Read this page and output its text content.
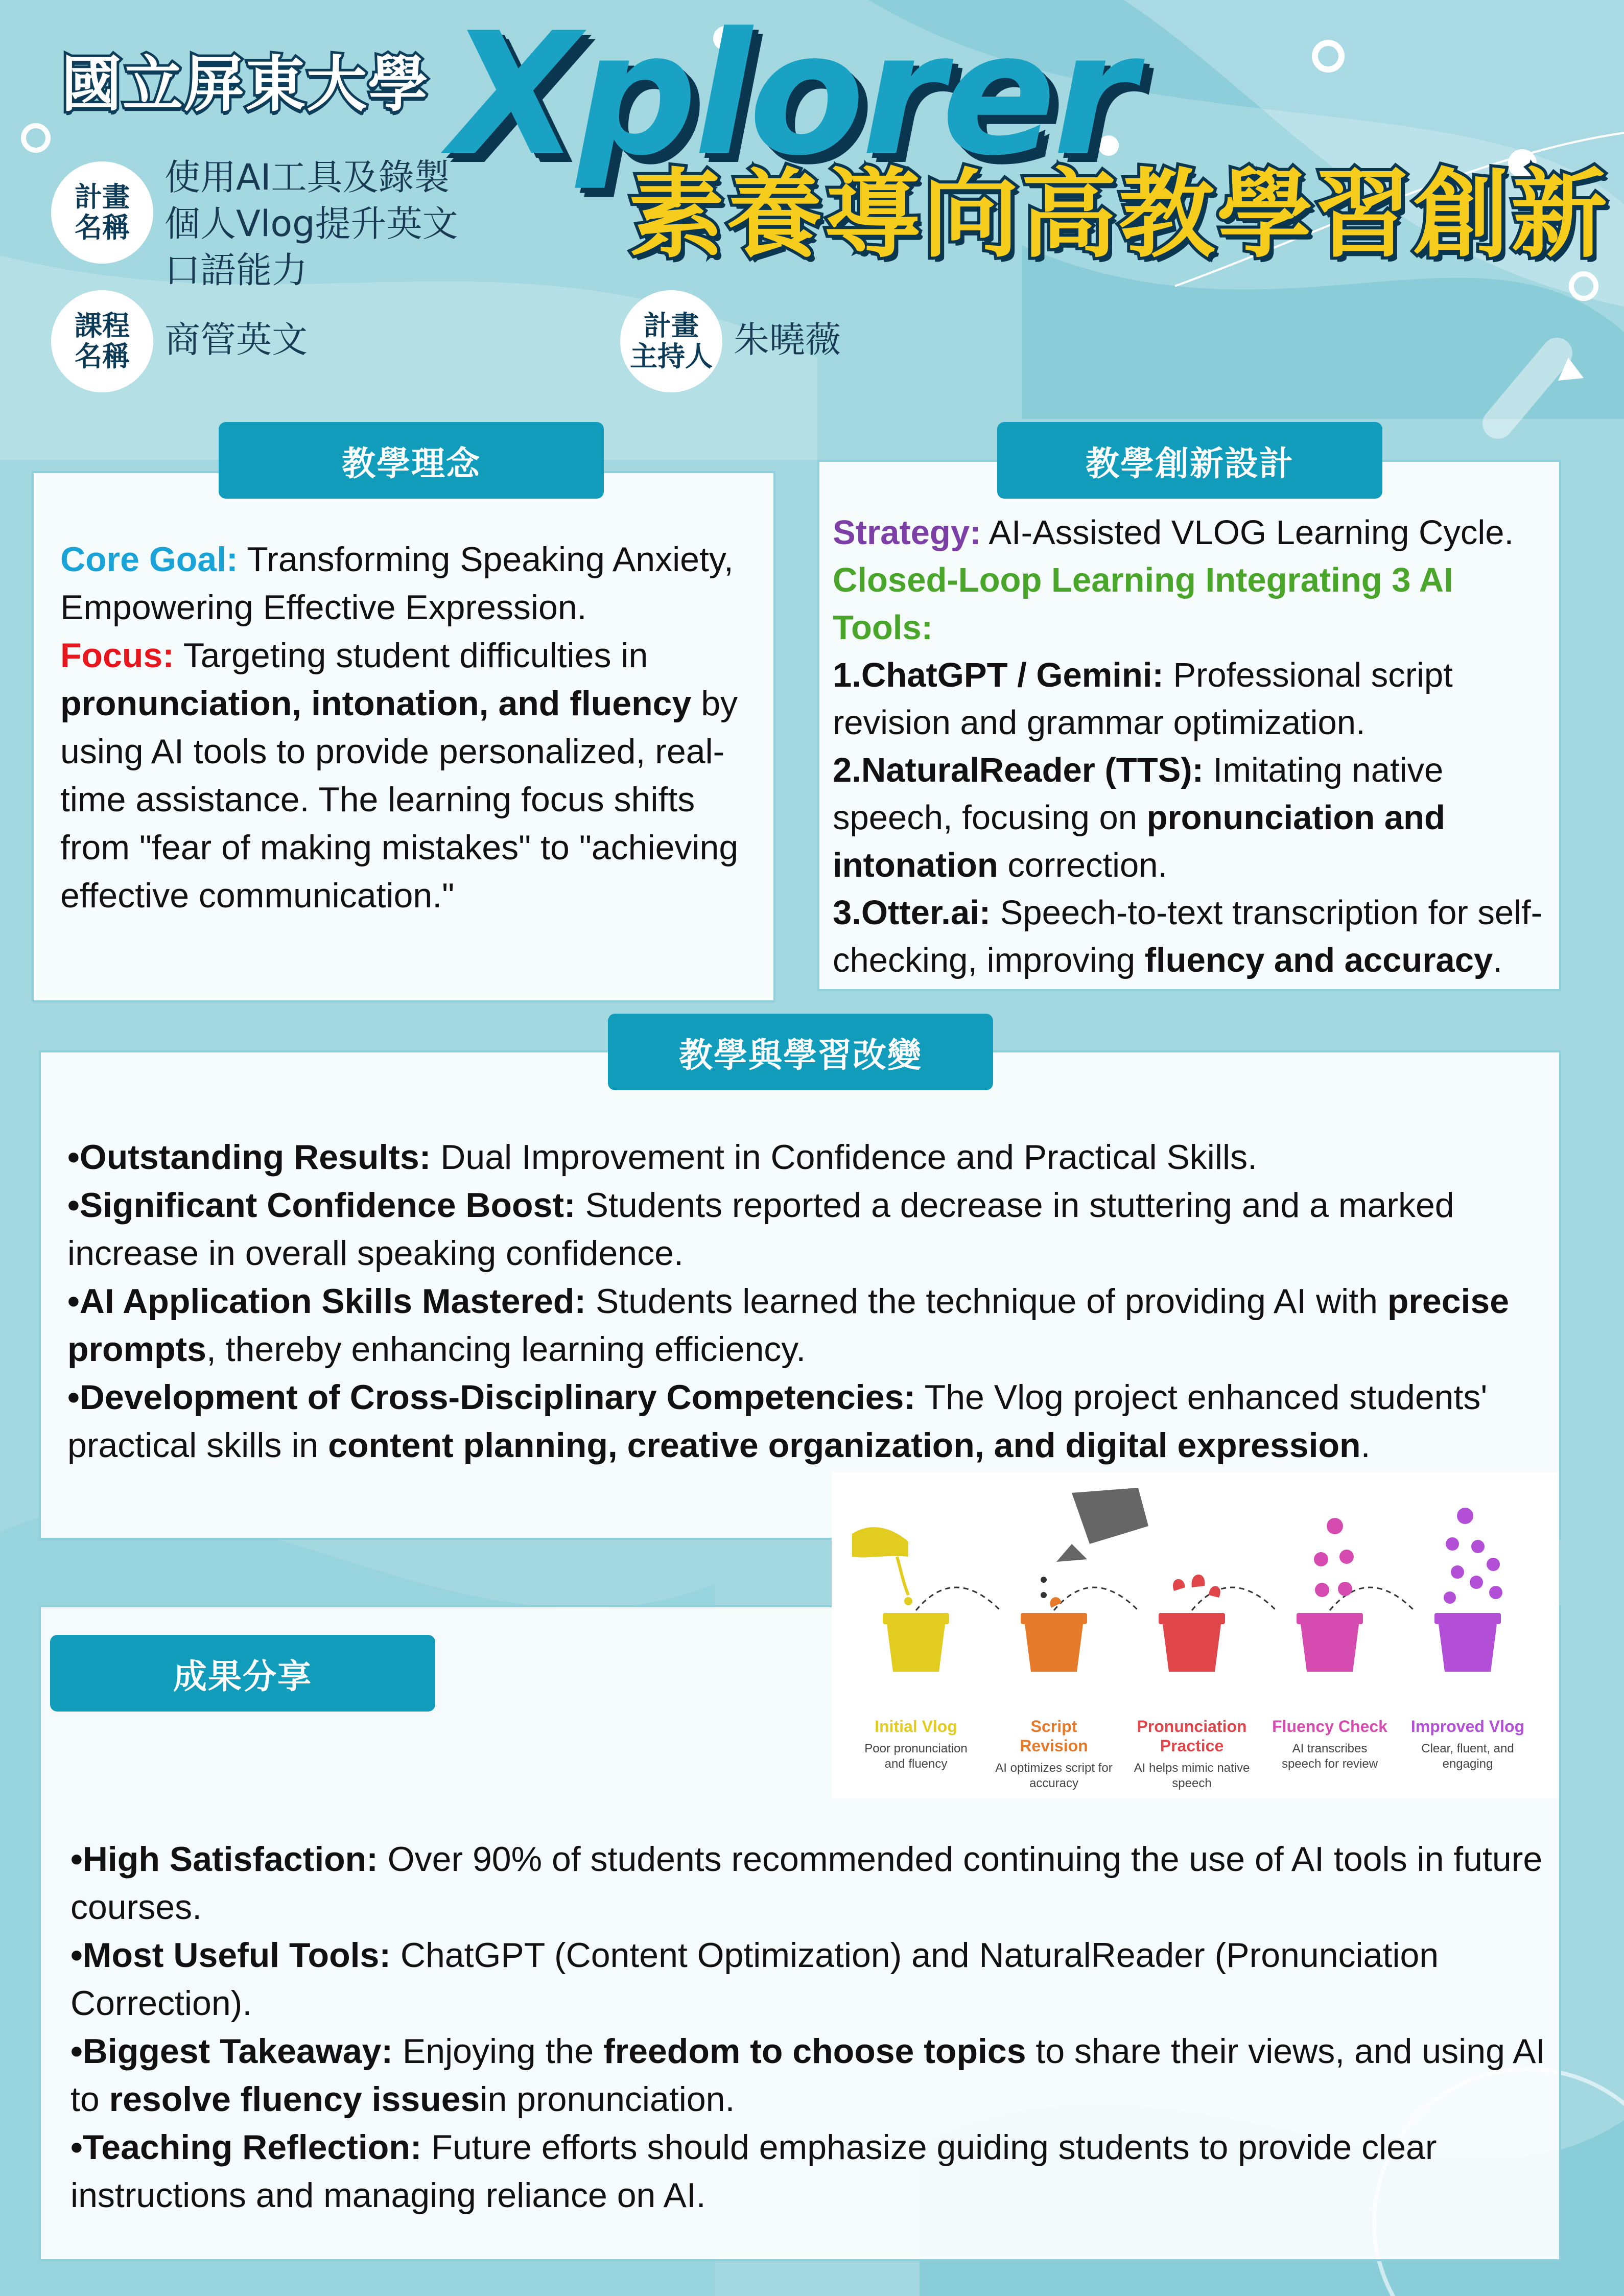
國立屏東大學 Xplorer
素養導向高教學習創新
計畫
名稱
使用AI工具及錄製
個人Vlog提升英文
口語能力
課程
名稱 商管英文	計畫
主持人 朱曉薇
教學理念

Core Goal: Transforming Speaking Anxiety, Empowering Effective Expression.

Focus: Targeting student difficulties in pronunciation, intonation, and fluency by using AI tools to provide personalized, real-time assistance. The learning focus shifts from "fear of making mistakes" to "achieving effective communication."

教學創新設計

Strategy: AI-Assisted VLOG Learning Cycle.

Closed-Loop Learning Integrating 3 AI Tools:

1.ChatGPT / Gemini: Professional script revision and grammar optimization.

2.NaturalReader (TTS): Imitating native speech, focusing on pronunciation and intonation correction.

3.Otter.ai: Speech-to-text transcription for self-checking, improving fluency and accuracy.

教學與學習改變

•Outstanding Results: Dual Improvement in Confidence and Practical Skills.

•Significant Confidence Boost: Students reported a decrease in stuttering and a marked increase in overall speaking confidence.

•AI Application Skills Mastered: Students learned the technique of providing AI with precise prompts, thereby enhancing learning efficiency.

•Development of Cross-Disciplinary Competencies: The Vlog project enhanced students' practical skills in content planning, creative organization, and digital expression.

成果分享

•High Satisfaction: Over 90% of students recommended continuing the use of AI tools in future courses.

•Most Useful Tools: ChatGPT (Content Optimization) and NaturalReader (Pronunciation Correction).

•Biggest Takeaway: Enjoying the freedom to choose topics to share their views, and using AI to resolve fluency issuesin pronunciation.

•Teaching Reflection: Future efforts should emphasize guiding students to provide clear instructions and managing reliance on AI.

Initial Vlog
Poor pronunciation and fluency
Script Revision
AI optimizes script for accuracy
Pronunciation Practice
AI helps mimic native speech
Fluency Check
AI transcribes speech for review
Improved Vlog
Clear, fluent, and engaging
